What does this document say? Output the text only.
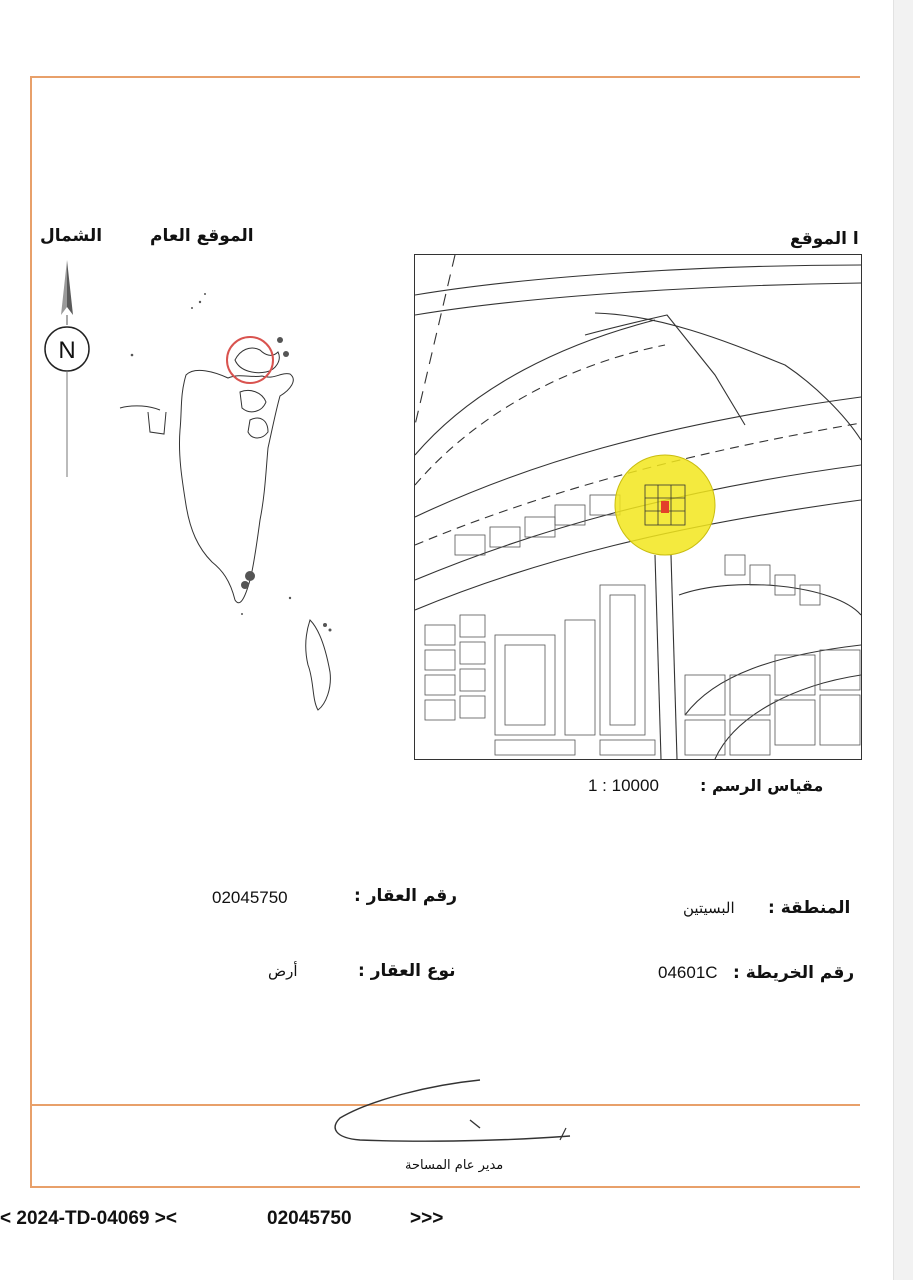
الشمال	الموقع العام	ا الموقع
N
مقياس الرسم :
1 : 10000
رقم العقار :
02045750
نوع العقار :
أرض
المنطقة :
البسيتين
رقم الخريطة :
04601C
مدير عام المساحة
< 2024-TD-04069 ><	02045750	>>>
